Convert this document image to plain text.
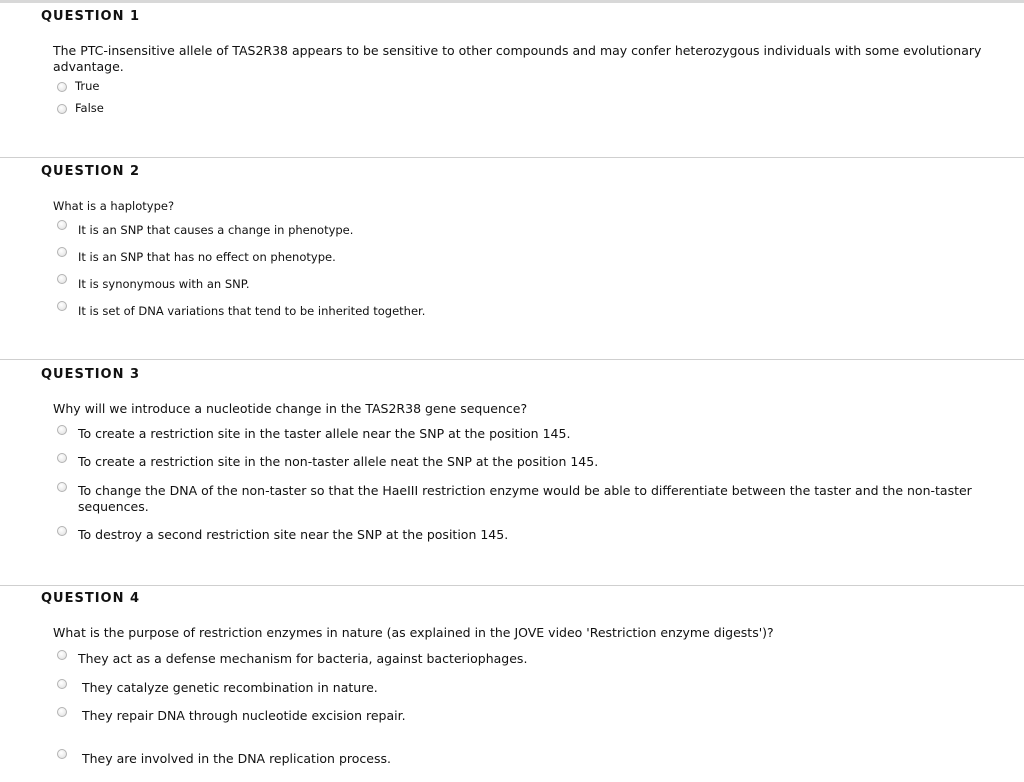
QUESTION 1
The PTC-insensitive allele of TAS2R38 appears to be sensitive to other compounds and may confer heterozygous individuals with some evolutionary advantage.
True
False
QUESTION 2
What is a haplotype?
It is an SNP that causes a change in phenotype.
It is an SNP that has no effect on phenotype.
It is synonymous with an SNP.
It is set of DNA variations that tend to be inherited together.
QUESTION 3
Why will we introduce a nucleotide change in the TAS2R38 gene sequence?
To create a restriction site in the taster allele near the SNP at the position 145.
To create a restriction site in the non-taster allele neat the SNP at the position 145.
To change the DNA of the non-taster so that the HaeIII restriction enzyme would be able to differentiate between the taster and the non-taster sequences.
To destroy a second restriction site near the SNP at the position 145.
QUESTION 4
What is the purpose of restriction enzymes in nature (as explained in the JOVE video 'Restriction enzyme digests')?
They act as a defense mechanism for bacteria, against bacteriophages.
They catalyze genetic recombination in nature.
They repair DNA through nucleotide excision repair.
They are involved in the DNA replication process.
